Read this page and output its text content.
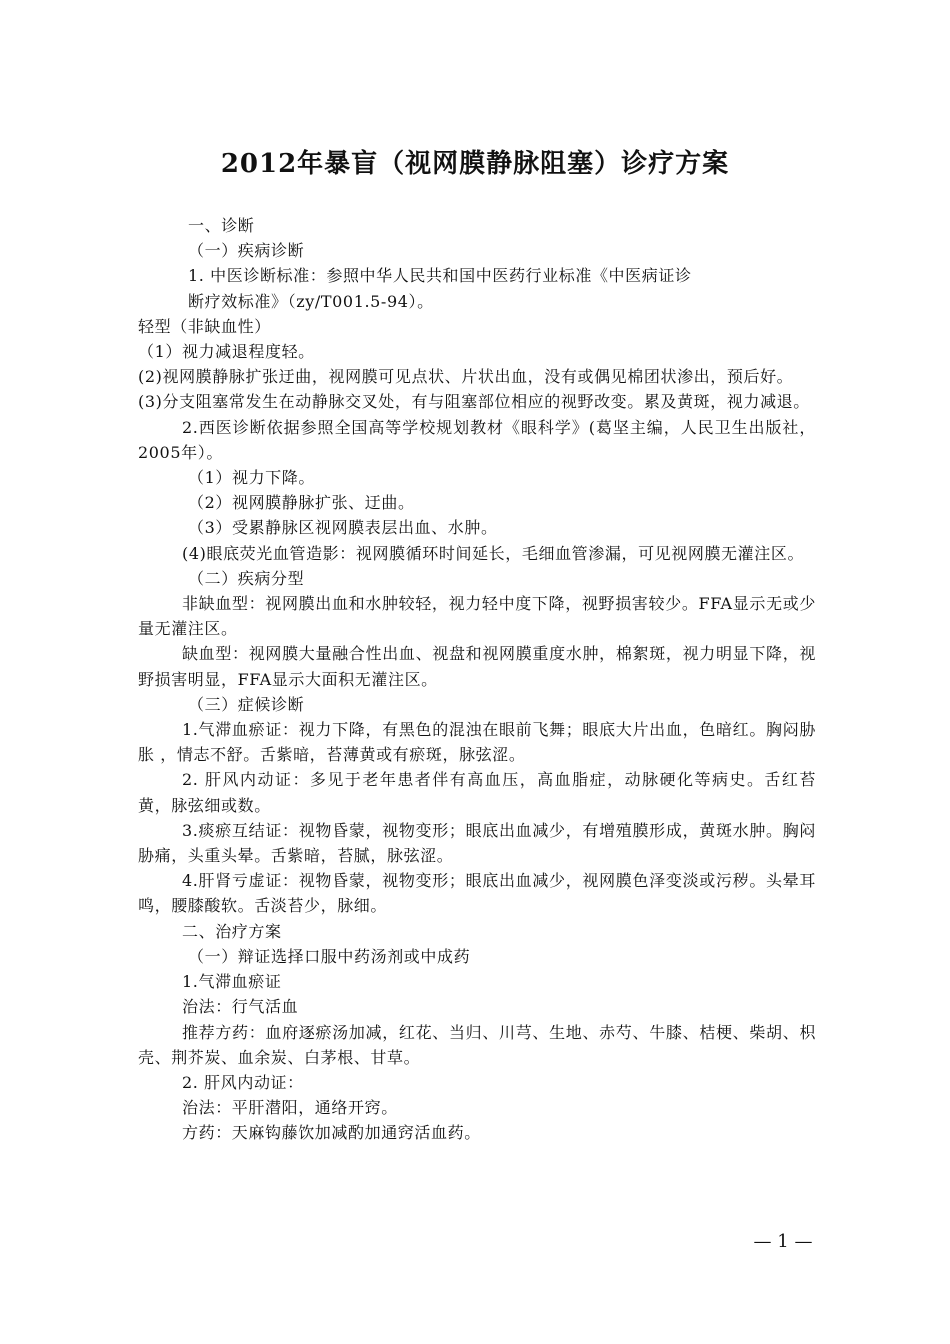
2012年暴盲（视网膜静脉阻塞）诊疗方案

一、诊断

（一）疾病诊断

1. 中医诊断标准：参照中华人民共和国中医药行业标准《中医病证诊

断疗效标准》（zy/T001.5-94）。

轻型（非缺血性）

（1）视力减退程度轻。

(2)视网膜静脉扩张迂曲，视网膜可见点状、片状出血，没有或偶见棉团状渗出，预后好。

(3)分支阻塞常发生在动静脉交叉处，有与阻塞部位相应的视野改变。累及黄斑，视力减退。

2.西医诊断依据参照全国高等学校规划教材《眼科学》(葛坚主编，人民卫生出版社，2005年）。

（1）视力下降。

（2）视网膜静脉扩张、迂曲。

（3）受累静脉区视网膜表层出血、水肿。

(4)眼底荧光血管造影：视网膜循环时间延长，毛细血管渗漏，可见视网膜无灌注区。

（二）疾病分型

非缺血型：视网膜出血和水肿较轻，视力轻中度下降，视野损害较少。FFA显示无或少量无灌注区。

缺血型：视网膜大量融合性出血、视盘和视网膜重度水肿，棉絮斑，视力明显下降，视野损害明显，FFA显示大面积无灌注区。

（三）症候诊断

1.气滞血瘀证：视力下降，有黑色的混浊在眼前飞舞；眼底大片出血，色暗红。胸闷胁胀 ，情志不舒。舌紫暗，苔薄黄或有瘀斑，脉弦涩。

2. 肝风内动证：多见于老年患者伴有高血压，高血脂症，动脉硬化等病史。舌红苔黄，脉弦细或数。

3.痰瘀互结证：视物昏蒙，视物变形；眼底出血减少，有增殖膜形成，黄斑水肿。胸闷胁痛，头重头晕。舌紫暗，苔腻，脉弦涩。

4.肝肾亏虚证：视物昏蒙，视物变形；眼底出血减少，视网膜色泽变淡或污秽。头晕耳鸣，腰膝酸软。舌淡苔少，脉细。

二、治疗方案

（一）辩证选择口服中药汤剂或中成药

1.气滞血瘀证

治法：行气活血

推荐方药：血府逐瘀汤加减，红花、当归、川芎、生地、赤芍、牛膝、桔梗、柴胡、枳壳、荆芥炭、血余炭、白茅根、甘草。

2. 肝风内动证：

治法：平肝潜阳，通络开窍。

方药：天麻钩藤饮加减酌加通窍活血药。

— 1 —
